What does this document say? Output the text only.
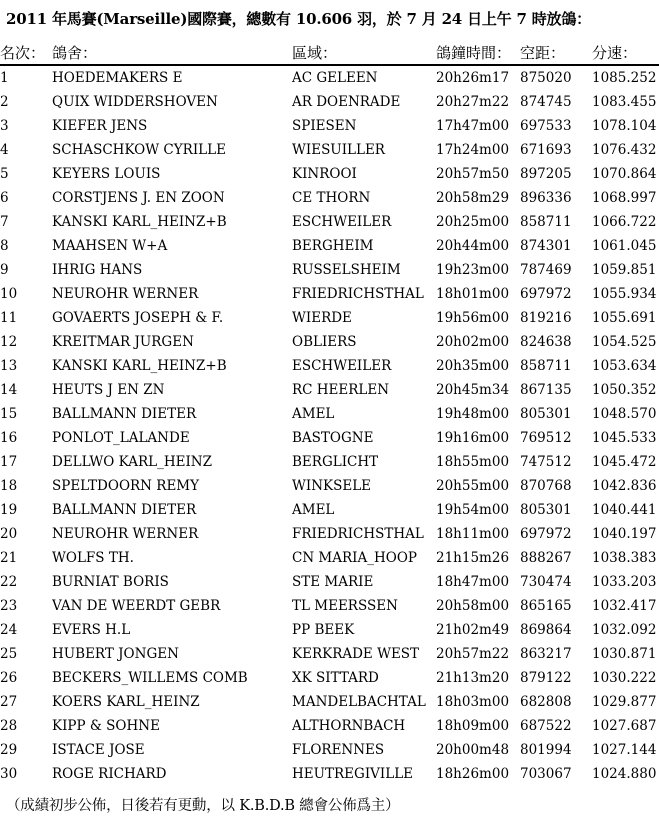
2011 年馬賽(Marseille)國際賽，總數有 10.606 羽，於 7 月 24 日上午 7 時放鴿：
名次：	鴿舍：	區域：	鴿鐘時間：	空距：	分速：
1	HOEDEMAKERS E	AC GELEEN	20h26m17	875020	1085.252
2	QUIX WIDDERSHOVEN	AR DOENRADE	20h27m22	874745	1083.455
3	KIEFER JENS	SPIESEN	17h47m00	697533	1078.104
4	SCHASCHKOW CYRILLE	WIESUILLER	17h24m00	671693	1076.432
5	KEYERS LOUIS	KINROOI	20h57m50	897205	1070.864
6	CORSTJENS J. EN ZOON	CE THORN	20h58m29	896336	1068.997
7	KANSKI KARL_HEINZ+B	ESCHWEILER	20h25m00	858711	1066.722
8	MAAHSEN W+A	BERGHEIM	20h44m00	874301	1061.045
9	IHRIG HANS	RUSSELSHEIM	19h23m00	787469	1059.851
10	NEUROHR WERNER	FRIEDRICHSTHAL	18h01m00	697972	1055.934
11	GOVAERTS JOSEPH & F.	WIERDE	19h56m00	819216	1055.691
12	KREITMAR JURGEN	OBLIERS	20h02m00	824638	1054.525
13	KANSKI KARL_HEINZ+B	ESCHWEILER	20h35m00	858711	1053.634
14	HEUTS J EN ZN	RC HEERLEN	20h45m34	867135	1050.352
15	BALLMANN DIETER	AMEL	19h48m00	805301	1048.570
16	PONLOT_LALANDE	BASTOGNE	19h16m00	769512	1045.533
17	DELLWO KARL_HEINZ	BERGLICHT	18h55m00	747512	1045.472
18	SPELTDOORN REMY	WINKSELE	20h55m00	870768	1042.836
19	BALLMANN DIETER	AMEL	19h54m00	805301	1040.441
20	NEUROHR WERNER	FRIEDRICHSTHAL	18h11m00	697972	1040.197
21	WOLFS TH.	CN MARIA_HOOP	21h15m26	888267	1038.383
22	BURNIAT BORIS	STE MARIE	18h47m00	730474	1033.203
23	VAN DE WEERDT GEBR	TL MEERSSEN	20h58m00	865165	1032.417
24	EVERS H.L	PP BEEK	21h02m49	869864	1032.092
25	HUBERT JONGEN	KERKRADE WEST	20h57m22	863217	1030.871
26	BECKERS_WILLEMS COMB	XK SITTARD	21h13m20	879122	1030.222
27	KOERS KARL_HEINZ	MANDELBACHTAL	18h03m00	682808	1029.877
28	KIPP & SOHNE	ALTHORNBACH	18h09m00	687522	1027.687
29	ISTACE JOSE	FLORENNES	20h00m48	801994	1027.144
30	ROGE RICHARD	HEUTREGIVILLE	18h26m00	703067	1024.880
（成績初步公佈，日後若有更動，以 K.B.D.B 總會公佈爲主）
